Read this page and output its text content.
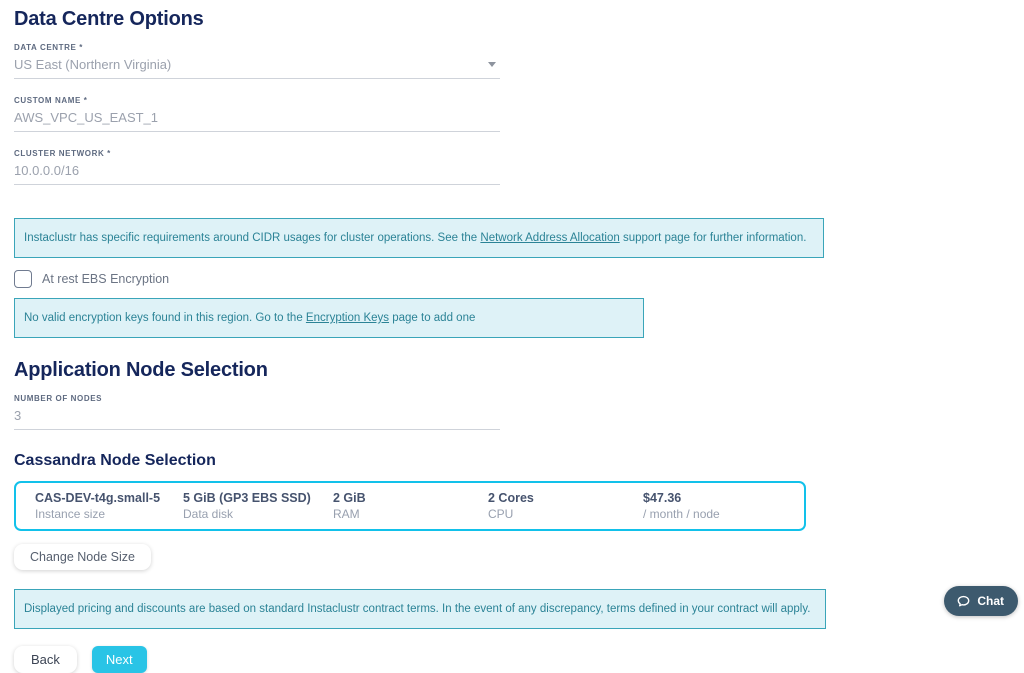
Data Centre Options
DATA CENTRE *
US East (Northern Virginia)
CUSTOM NAME *
AWS_VPC_US_EAST_1
CLUSTER NETWORK *
10.0.0.0/16
Instaclustr has specific requirements around CIDR usages for cluster operations. See the Network Address Allocation support page for further information.
At rest EBS Encryption
No valid encryption keys found in this region. Go to the Encryption Keys page to add one
Application Node Selection
NUMBER OF NODES
3
Cassandra Node Selection
CAS-DEV-t4g.small-5
Instance size
5 GiB (GP3 EBS SSD)
Data disk
2 GiB
RAM
2 Cores
CPU
$47.36
/ month / node
Change Node Size
Displayed pricing and discounts are based on standard Instaclustr contract terms. In the event of any discrepancy, terms defined in your contract will apply.
Back	Next
Chat
